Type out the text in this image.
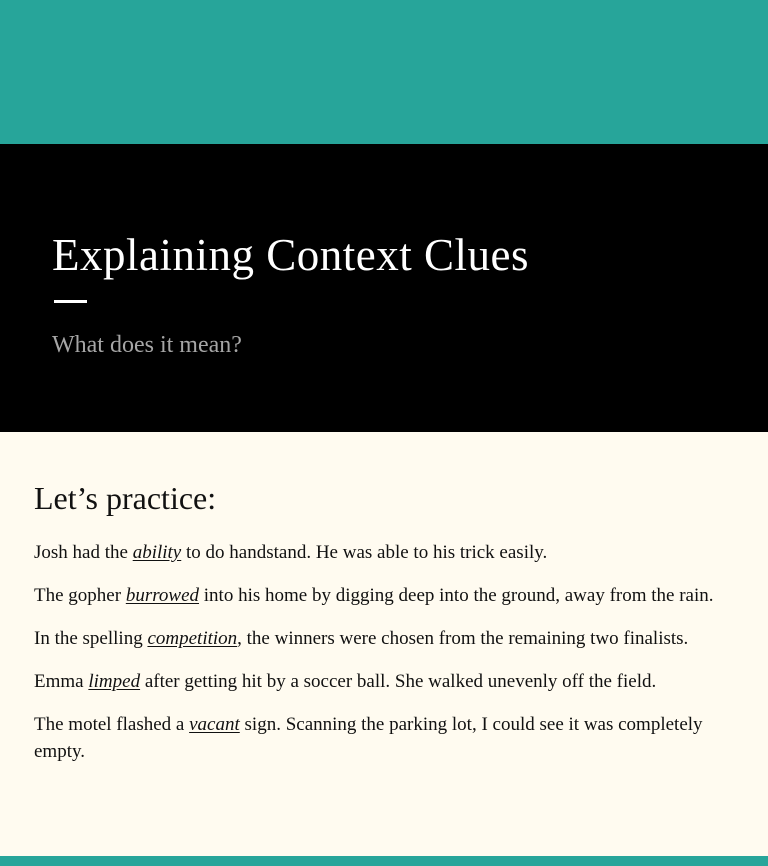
Explaining Context Clues

What does it mean?

Let’s practice:
Josh had the ability to do handstand. He was able to his trick easily.
The gopher burrowed into his home by digging deep into the ground, away from the rain.
In the spelling competition, the winners were chosen from the remaining two finalists.
Emma limped after getting hit by a soccer ball. She walked unevenly off the field.
The motel flashed a vacant sign. Scanning the parking lot, I could see it was completely empty.
